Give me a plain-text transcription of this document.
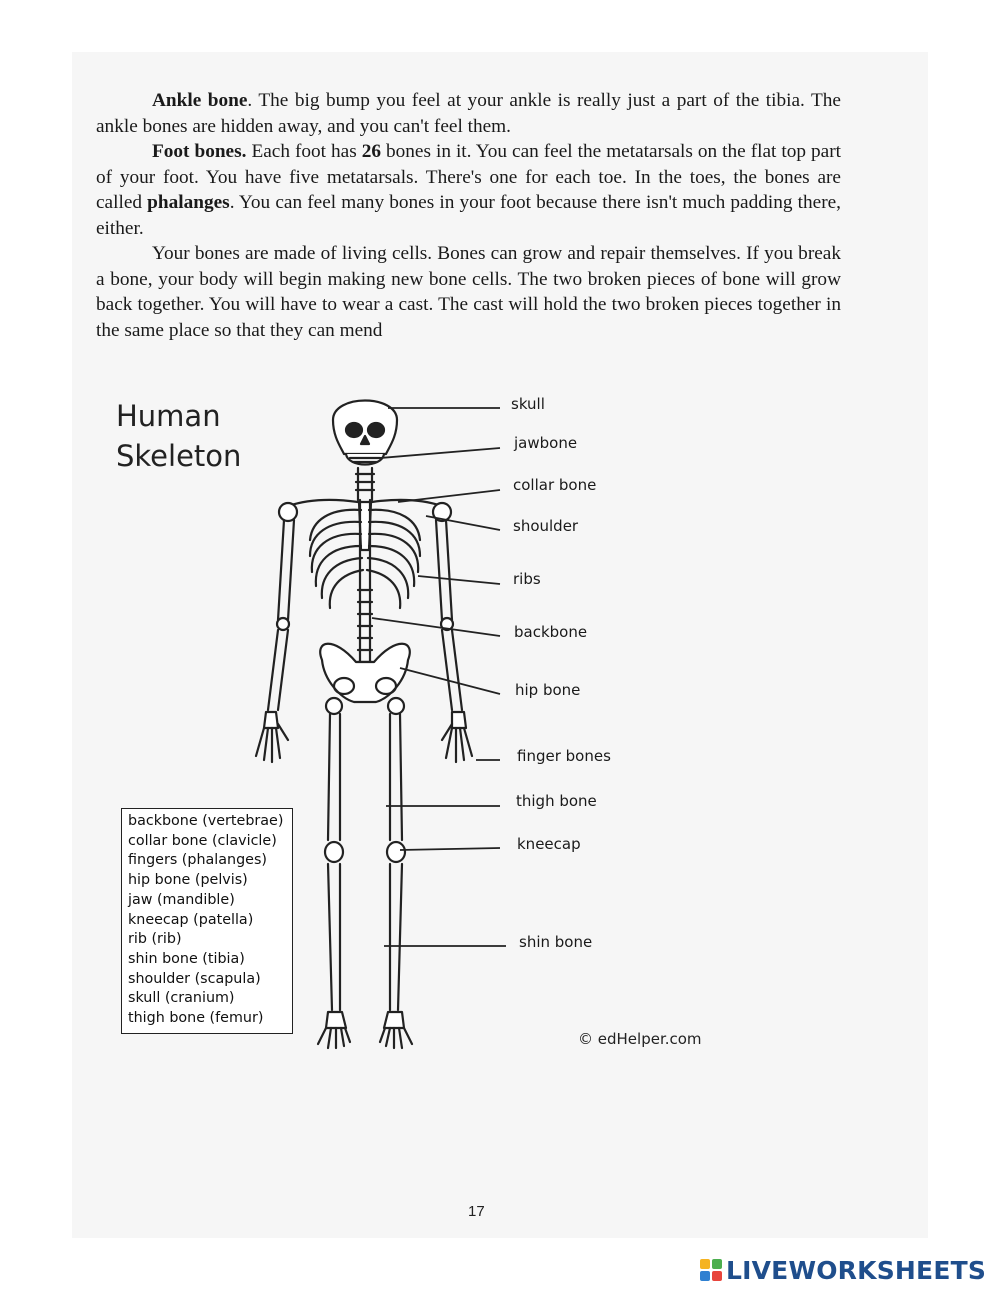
Ankle bone. The big bump you feel at your ankle is really just a part of the tibia. The ankle bones are hidden away, and you can't feel them.

Foot bones. Each foot has 26 bones in it. You can feel the metatarsals on the flat top part of your foot. You have five metatarsals. There's one for each toe. In the toes, the bones are called phalanges. You can feel many bones in your foot because there isn't much padding there, either.

Your bones are made of living cells. Bones can grow and repair themselves. If you break a bone, your body will begin making new bone cells. The two broken pieces of bone will grow back together. You will have to wear a cast. The cast will hold the two broken pieces together in the same place so that they can mend

Human
Skeleton
skull
jawbone
collar bone
shoulder
ribs
backbone
hip bone
finger bones
thigh bone
kneecap
shin bone
backbone (vertebrae)
collar bone (clavicle)
fingers (phalanges)
hip bone (pelvis)
jaw (mandible)
kneecap (patella)
rib (rib)
shin bone (tibia)
shoulder (scapula)
skull (cranium)
thigh bone (femur)
© edHelper.com
17
LIVEWORKSHEETS
